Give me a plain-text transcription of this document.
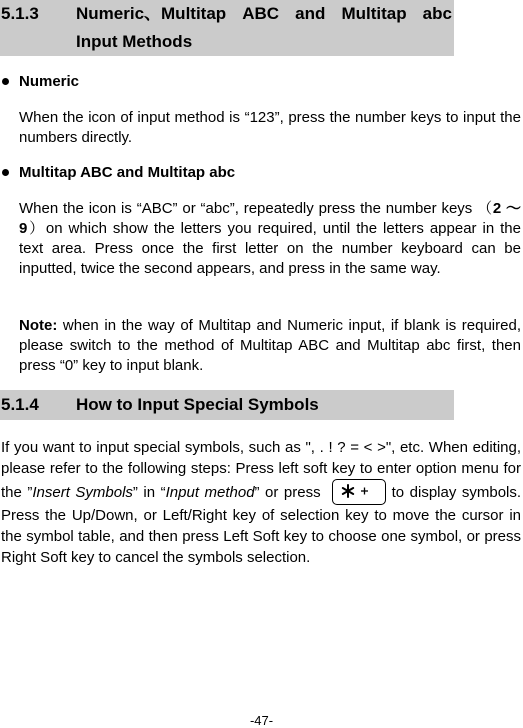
5.1.3 Numeric、Multitap ABC and Multitap abc
Input Methods
Numeric
When the icon of input method is “123”, press the number keys to input the numbers directly.
Multitap ABC and Multitap abc
When the icon is “ABC” or “abc”, repeatedly press the number keys （2 ～ 9）on which show the letters you required, until the letters appear in the text area. Press once the first letter on the number keyboard can be inputted, twice the second appears, and press in the same way.
Note: when in the way of Multitap and Numeric input, if blank is required, please switch to the method of Multitap ABC and Multitap abc first, then press “0” key to input blank.
5.1.4 How to Input Special Symbols
If you want to input special symbols, such as ", . ! ? = < >", etc. When editing, please refer to the following steps: Press left soft key to enter option menu for the ”Insert Symbols” in “Input method” or press	to display symbols. Press the Up/Down, or Left/Right key of selection key to move the cursor in the symbol table, and then press Left Soft key to choose one symbol, or press Right Soft key to cancel the symbols selection.
-47-
